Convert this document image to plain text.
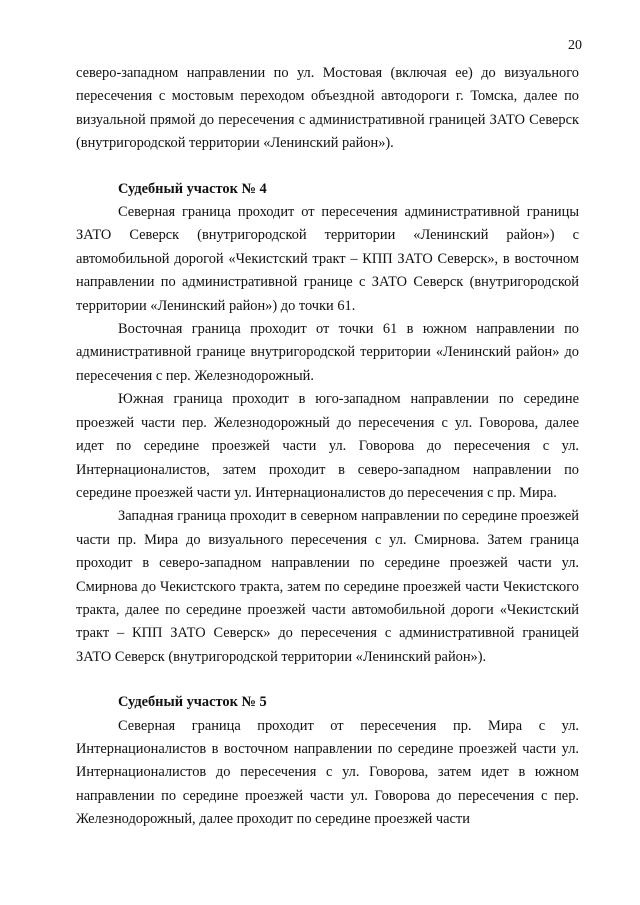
20

северо-западном направлении по ул. Мостовая (включая ее) до визуального пересечения с мостовым переходом объездной автодороги г. Томска, далее по визуальной прямой до пересечения с административной границей ЗАТО Северск (внутригородской территории «Ленинский район»).

Судебный участок № 4

Северная граница проходит от пересечения административной границы ЗАТО Северск (внутригородской территории «Ленинский район») с автомобильной дорогой «Чекистский тракт – КПП ЗАТО Северск», в восточном направлении по административной границе с ЗАТО Северск (внутригородской территории «Ленинский район») до точки 61.

Восточная граница проходит от точки 61 в южном направлении по административной границе внутригородской территории «Ленинский район» до пересечения с пер. Железнодорожный.

Южная граница проходит в юго-западном направлении по середине проезжей части пер. Железнодорожный до пересечения с ул. Говорова, далее идет по середине проезжей части ул. Говорова до пересечения с ул. Интернационалистов, затем проходит в северо-западном направлении по середине проезжей части ул. Интернационалистов до пересечения с пр. Мира.

Западная граница проходит в северном направлении по середине проезжей части пр. Мира до визуального пересечения с ул. Смирнова. Затем граница проходит в северо-западном направлении по середине проезжей части ул. Смирнова до Чекистского тракта, затем по середине проезжей части Чекистского тракта, далее по середине проезжей части автомобильной дороги «Чекистский тракт – КПП ЗАТО Северск» до пересечения с административной границей ЗАТО Северск (внутригородской территории «Ленинский район»).

Судебный участок № 5

Северная граница проходит от пересечения пр. Мира с ул. Интернационалистов в восточном направлении по середине проезжей части ул. Интернационалистов до пересечения с ул. Говорова, затем идет в южном направлении по середине проезжей части ул. Говорова до пересечения с пер. Железнодорожный, далее проходит по середине проезжей части
